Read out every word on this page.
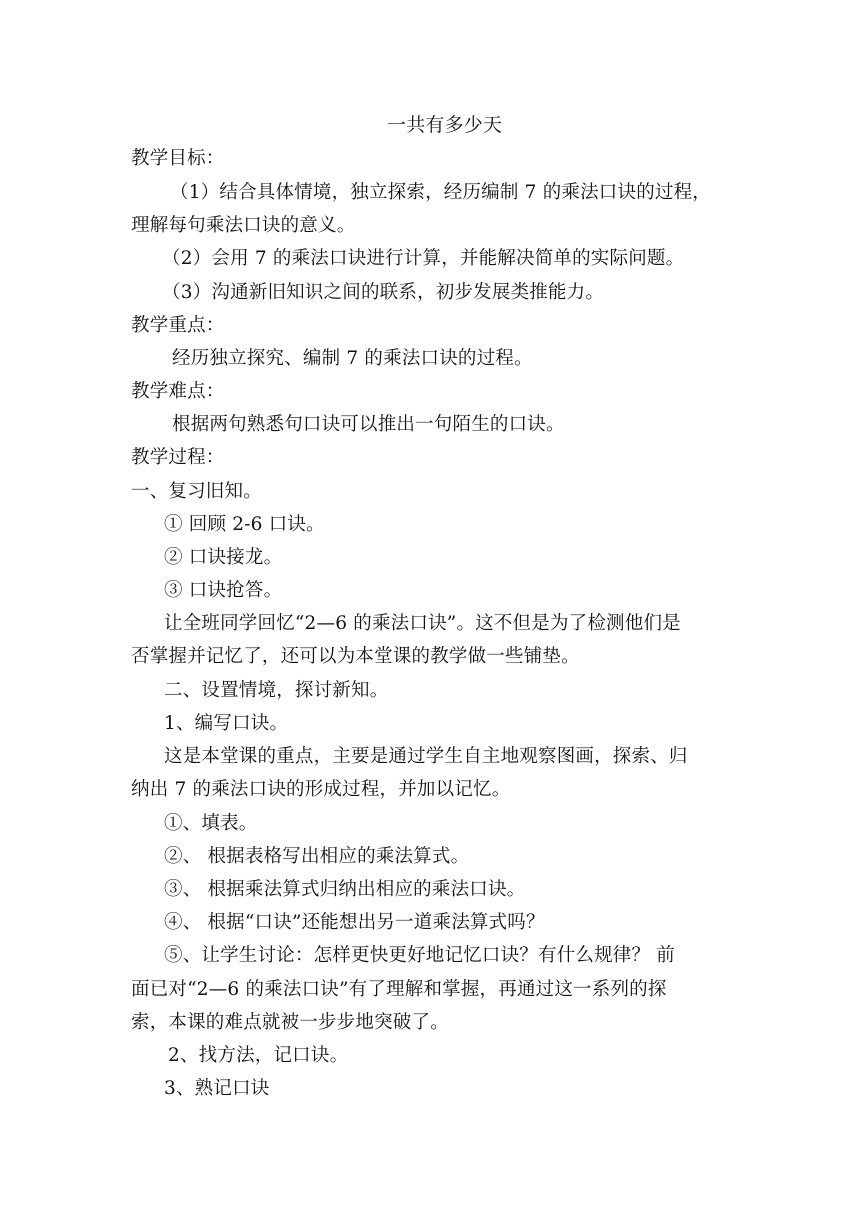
一共有多少天
教学目标：
（1）结合具体情境，独立探索，经历编制 7 的乘法口诀的过程，
理解每句乘法口诀的意义。
（2）会用 7 的乘法口诀进行计算，并能解决简单的实际问题。
（3）沟通新旧知识之间的联系，初步发展类推能力。
教学重点：
经历独立探究、编制 7 的乘法口诀的过程。
教学难点：
根据两句熟悉句口诀可以推出一句陌生的口诀。
教学过程：
一、复习旧知。
① 回顾 2-6 口诀。
② 口诀接龙。
③ 口诀抢答。
让全班同学回忆“2—6 的乘法口诀”。这不但是为了检测他们是
否掌握并记忆了，还可以为本堂课的教学做一些铺垫。
二、设置情境，探讨新知。
1、编写口诀。
这是本堂课的重点，主要是通过学生自主地观察图画，探索、归
纳出 7 的乘法口诀的形成过程，并加以记忆。
①、填表。
②、 根据表格写出相应的乘法算式。
③、 根据乘法算式归纳出相应的乘法口诀。
④、 根据“口诀”还能想出另一道乘法算式吗？
⑤、让学生讨论：怎样更快更好地记忆口诀？有什么规律？ 前
面已对“2—6 的乘法口诀”有了理解和掌握，再通过这一系列的探
索，本课的难点就被一步步地突破了。
2、找方法，记口诀。
3、熟记口诀
